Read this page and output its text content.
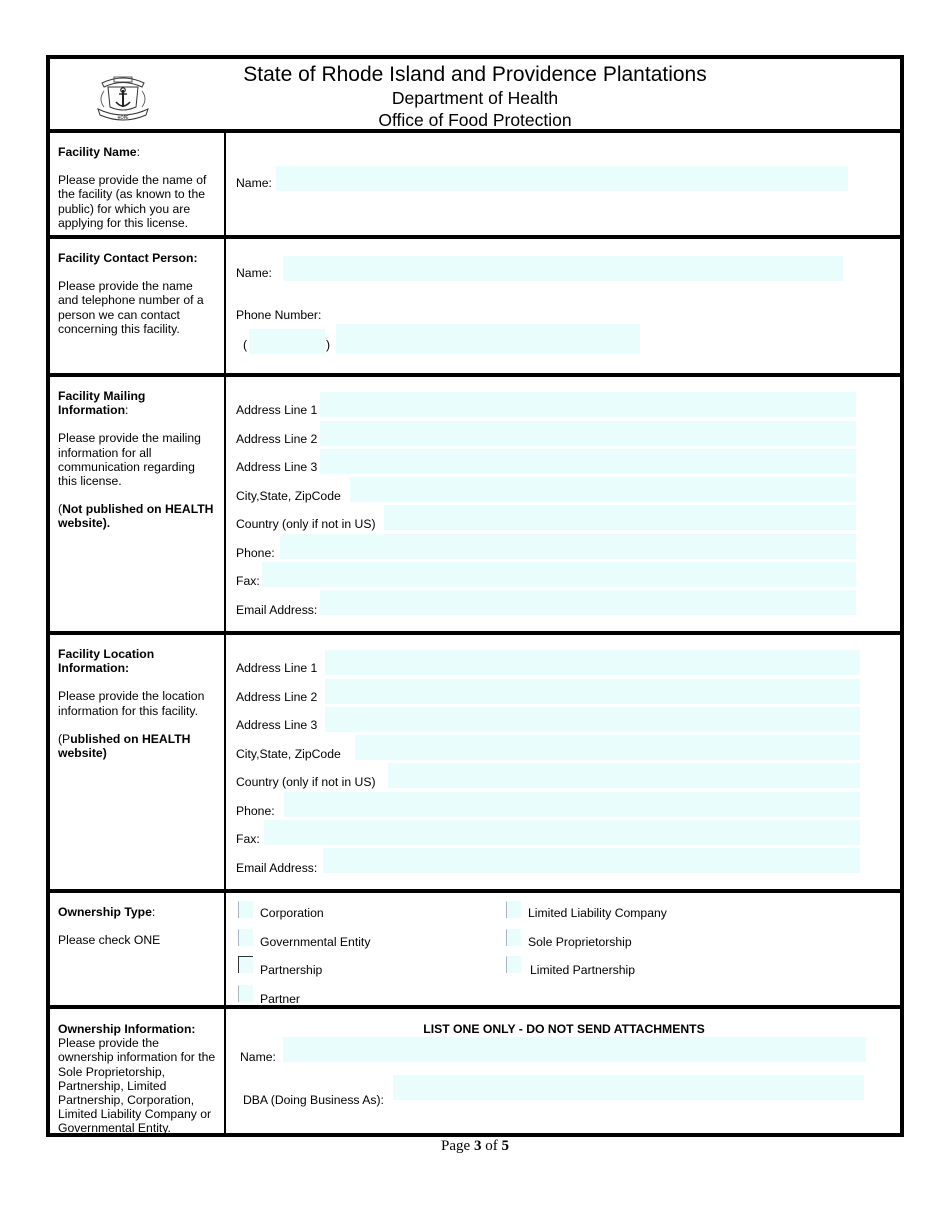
HOPE
State of Rhode Island and Providence Plantations
Department of Health
Office of Food Protection
Facility Name:

Please provide the name of the facility (as known to the public) for which you are applying for this license.

Name:
Facility Contact Person:

Please provide the name and telephone number of a person we can contact concerning this facility.

Name:
Phone Number:
(	)
Facility Mailing Information:

Please provide the mailing information for all communication regarding this license.

(Not published on HEALTH website).

Address Line 1
Address Line 2
Address Line 3
City,State, ZipCode
Country (only if not in US)
Phone:
Fax:
Email Address:
Facility Location Information:

Please provide the location information for this facility.

(Published on HEALTH website)

Address Line 1
Address Line 2
Address Line 3
City,State, ZipCode
Country (only if not in US)
Phone:
Fax:
Email Address:
Ownership Type:

Please check ONE

Corporation
Governmental Entity
Partnership
Partner
Limited Liability Company
Sole Proprietorship
Limited Partnership
Ownership Information:

Please provide the ownership information for the Sole Proprietorship, Partnership, Limited Partnership, Corporation, Limited Liability Company or Governmental Entity.

LIST ONE ONLY - DO NOT SEND ATTACHMENTS
Name:
DBA (Doing Business As):
Page 3 of 5
